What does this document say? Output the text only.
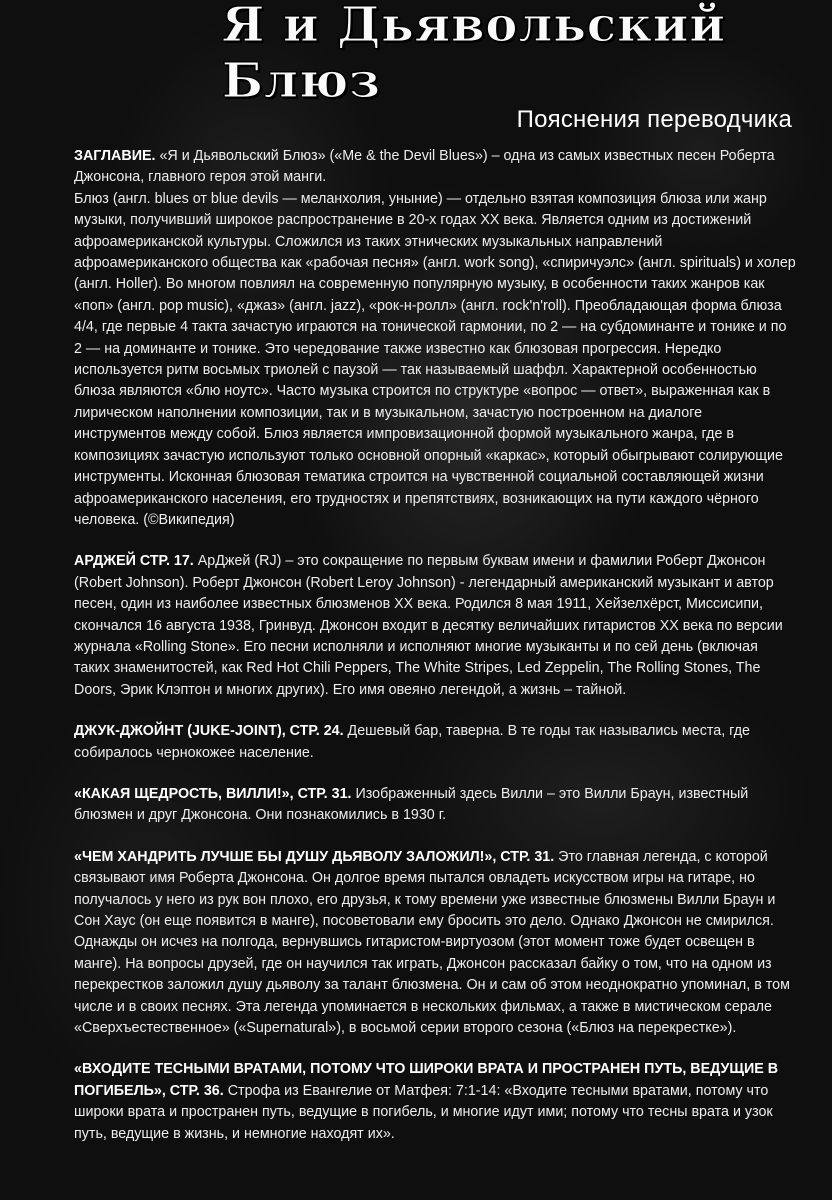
Я и Дьявольский Блюз
Пояснения переводчика

ЗАГЛАВИЕ. «Я и Дьявольский Блюз» («Me & the Devil Blues») – одна из самых известных песен Роберта Джонсона, главного героя этой манги.

Блюз (англ. blues от blue devils — меланхолия, уныние) — отдельно взятая композиция блюза или жанр музыки, получивший широкое распространение в 20-х годах XX века. Является одним из достижений афроамериканской культуры. Сложился из таких этнических музыкальных направлений афроамериканского общества как «рабочая песня» (англ. work song), «спиричуэлс» (англ. spirituals) и холер (англ. Holler). Во многом повлиял на современную популярную музыку, в особенности таких жанров как «поп» (англ. pop music), «джаз» (англ. jazz), «рок-н-ролл» (англ. rock'n'roll). Преобладающая форма блюза 4/4, где первые 4 такта зачастую играются на тонической гармонии, по 2 — на субдоминанте и тонике и по 2 — на доминанте и тонике. Это чередование также известно как блюзовая прогрессия. Нередко используется ритм восьмых триолей с паузой — так называемый шаффл. Характерной особенностью блюза являются «блю ноутс». Часто музыка строится по структуре «вопрос — ответ», выраженная как в лирическом наполнении композиции, так и в музыкальном, зачастую построенном на диалоге инструментов между собой. Блюз является импровизационной формой музыкального жанра, где в композициях зачастую используют только основной опорный «каркас», который обыгрывают солирующие инструменты. Исконная блюзовая тематика строится на чувственной социальной составляющей жизни афроамериканского населения, его трудностях и препятствиях, возникающих на пути каждого чёрного человека. (©Википедия)

АРДЖЕЙ СТР. 17. АрДжей (RJ) – это сокращение по первым буквам имени и фамилии Роберт Джонсон (Robert Johnson). Роберт Джонсон (Robert Leroy Johnson) - легендарный американский музыкант и автор песен, один из наиболее известных блюзменов XX века. Родился 8 мая 1911, Хейзелхёрст, Миссисипи, скончался 16 августа 1938, Гринвуд. Джонсон входит в десятку величайших гитаристов XX века по версии журнала «Rolling Stone». Его песни исполняли и исполняют многие музыканты и по сей день (включая таких знаменитостей, как Red Hot Chili Peppers, The White Stripes, Led Zeppelin, The Rolling Stones, The Doors, Эрик Клэптон и многих других). Его имя овеяно легендой, а жизнь – тайной.

ДЖУК-ДЖОЙНТ (JUKE-JOINT), СТР. 24. Дешевый бар, таверна. В те годы так назывались места, где собиралось чернокожее население.

«КАКАЯ ЩЕДРОСТЬ, ВИЛЛИ!», СТР. 31. Изображенный здесь Вилли – это Вилли Браун, известный блюзмен и друг Джонсона. Они познакомились в 1930 г.

«ЧЕМ ХАНДРИТЬ ЛУЧШЕ БЫ ДУШУ ДЬЯВОЛУ ЗАЛОЖИЛ!», СТР. 31. Это главная легенда, с которой связывают имя Роберта Джонсона. Он долгое время пытался овладеть искусством игры на гитаре, но получалось у него из рук вон плохо, его друзья, к тому времени уже известные блюзмены Вилли Браун и Сон Хаус (он еще появится в манге), посоветовали ему бросить это дело. Однако Джонсон не смирился. Однажды он исчез на полгода, вернувшись гитаристом-виртуозом (этот момент тоже будет освещен в манге). На вопросы друзей, где он научился так играть, Джонсон рассказал байку о том, что на одном из перекрестков заложил душу дьяволу за талант блюзмена. Он и сам об этом неоднократно упоминал, в том числе и в своих песнях. Эта легенда упоминается в нескольких фильмах, а также в мистическом серале «Сверхъестественное» («Supernatural»), в восьмой серии второго сезона («Блюз на перекрестке»).

«ВХОДИТЕ ТЕСНЫМИ ВРАТАМИ, ПОТОМУ ЧТО ШИРОКИ ВРАТА И ПРОСТРАНЕН ПУТЬ, ВЕДУЩИЕ В ПОГИБЕЛЬ», СТР. 36. Строфа из Евангелие от Матфея: 7:1-14: «Входите тесными вратами, потому что широки врата и пространен путь, ведущие в погибель, и многие идут ими; потому что тесны врата и узок путь, ведущие в жизнь, и немногие находят их».
